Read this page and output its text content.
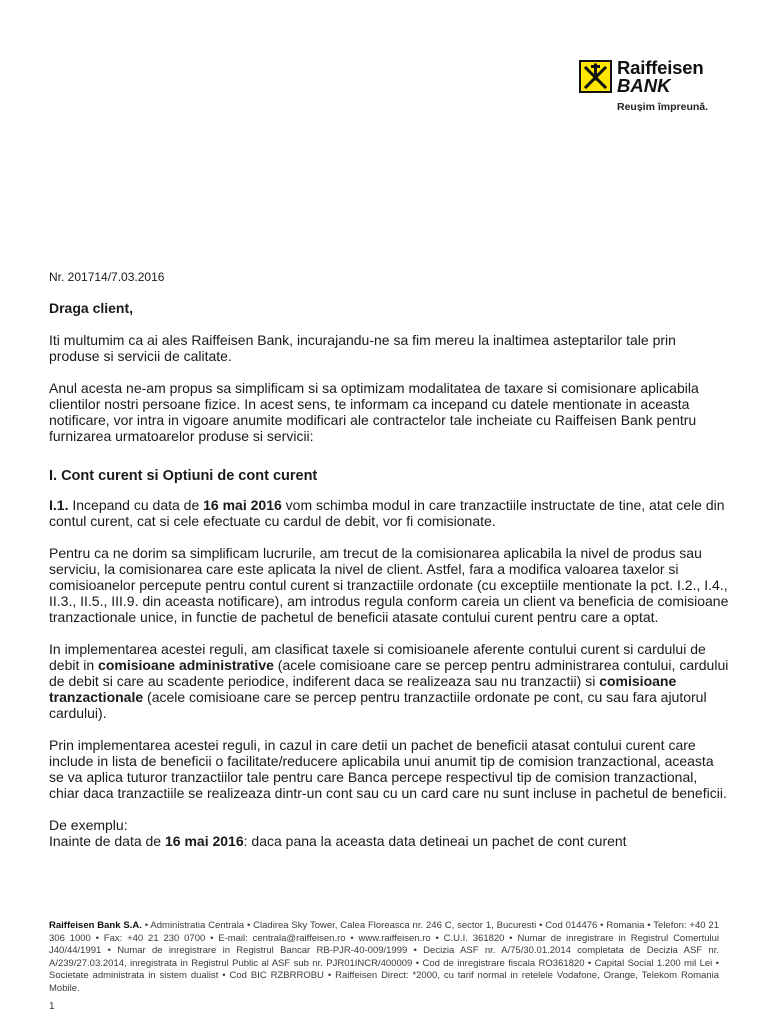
Raiffeisen
BANK
Reușim împreună.

Nr. 201714/7.03.2016

Draga client,

Iti multumim ca ai ales Raiffeisen Bank, incurajandu-ne sa fim mereu la inaltimea asteptarilor tale prin produse si servicii de calitate.

Anul acesta ne-am propus sa simplificam si sa optimizam modalitatea de taxare si comisionare aplicabila clientilor nostri persoane fizice. In acest sens, te informam ca incepand cu datele mentionate in aceasta notificare, vor intra in vigoare anumite modificari ale contractelor tale incheiate cu Raiffeisen Bank pentru furnizarea urmatoarelor produse si servicii:

I. Cont curent si Optiuni de cont curent

I.1. Incepand cu data de 16 mai 2016 vom schimba modul in care tranzactiile instructate de tine, atat cele din contul curent, cat si cele efectuate cu cardul de debit, vor fi comisionate.

Pentru ca ne dorim sa simplificam lucrurile, am trecut de la comisionarea aplicabila la nivel de produs sau serviciu, la comisionarea care este aplicata la nivel de client. Astfel, fara a modifica valoarea taxelor si comisioanelor percepute pentru contul curent si tranzactiile ordonate (cu exceptiile mentionate la pct. I.2., I.4., II.3., II.5., III.9. din aceasta notificare), am introdus regula conform careia un client va beneficia de comisioane tranzactionale unice, in functie de pachetul de beneficii atasate contului curent pentru care a optat.

In implementarea acestei reguli, am clasificat taxele si comisioanele aferente contului curent si cardului de debit in comisioane administrative (acele comisioane care se percep pentru administrarea contului, cardului de debit si care au scadente periodice, indiferent daca se realizeaza sau nu tranzactii) si comisioane tranzactionale (acele comisioane care se percep pentru tranzactiile ordonate pe cont, cu sau fara ajutorul cardului).

Prin implementarea acestei reguli, in cazul in care detii un pachet de beneficii atasat contului curent care include in lista de beneficii o facilitate/reducere aplicabila unui anumit tip de comision tranzactional, aceasta se va aplica tuturor tranzactiilor tale pentru care Banca percepe respectivul tip de comision tranzactional, chiar daca tranzactiile se realizeaza dintr-un cont sau cu un card care nu sunt incluse in pachetul de beneficii.

De exemplu:

Inainte de data de 16 mai 2016: daca pana la aceasta data detineai un pachet de cont curent

Raiffeisen Bank S.A. • Administratia Centrala • Cladirea Sky Tower, Calea Floreasca nr. 246 C, sector 1, Bucuresti • Cod 014476 • Romania • Telefon: +40 21 306 1000 • Fax: +40 21 230 0700 • E-mail: centrala@raiffeisen.ro • www.raiffeisen.ro • C.U.I. 361820 • Numar de inregistrare in Registrul Comertului J40/44/1991 • Numar de inregistrare in Registrul Bancar RB-PJR-40-009/1999 • Decizia ASF nr. A/75/30.01.2014 completata de Decizia ASF nr. A/239/27.03.2014, inregistrata in Registrul Public al ASF sub nr. PJR01INCR/400009 • Cod de inregistrare fiscala RO361820 • Capital Social 1.200 mil Lei • Societate administrata in sistem dualist • Cod BIC RZBRROBU • Raiffeisen Direct: *2000, cu tarif normal in retelele Vodafone, Orange, Telekom Romania Mobile.
1
